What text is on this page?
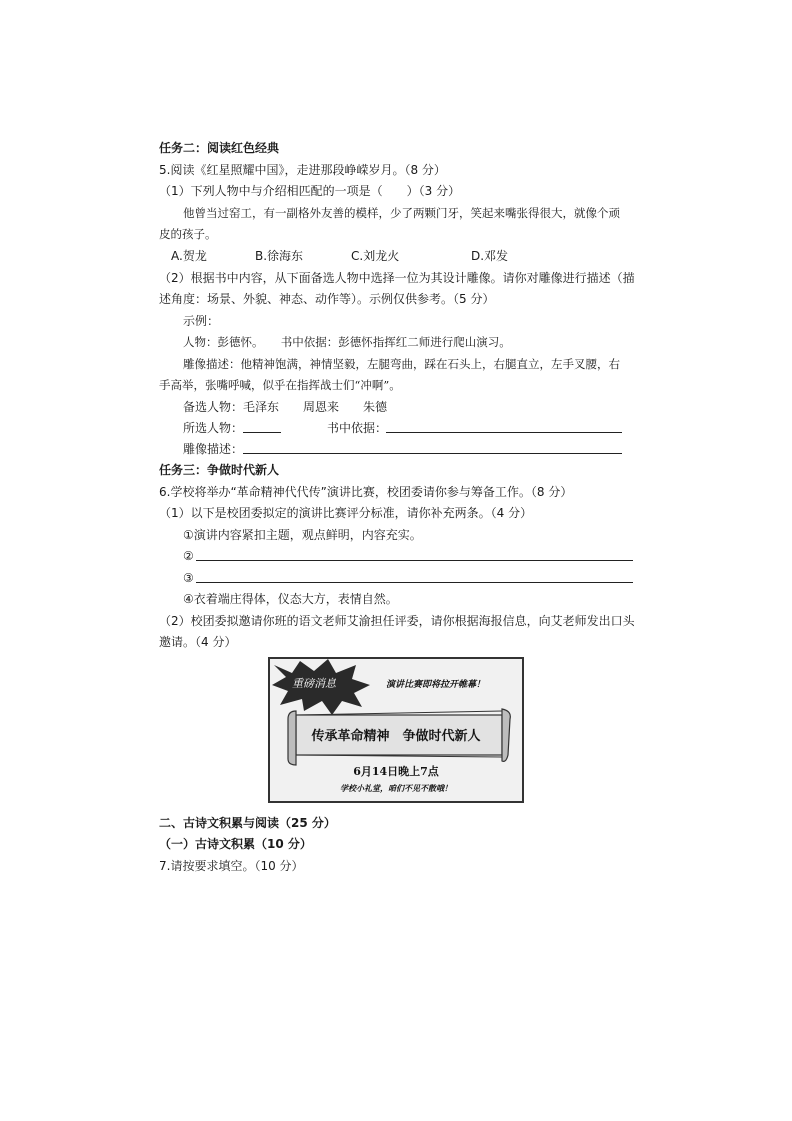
任务二：阅读红色经典
5.阅读《红星照耀中国》，走进那段峥嵘岁月。（8 分）
（1）下列人物中与介绍相匹配的一项是（　　）（3 分）
他曾当过窑工，有一副格外友善的模样，少了两颗门牙，笑起来嘴张得很大，就像个顽
皮的孩子。
A.贺龙	B.徐海东	C.刘龙火	D.邓发
（2）根据书中内容，从下面备选人物中选择一位为其设计雕像。请你对雕像进行描述（描
述角度：场景、外貌、神态、动作等）。示例仅供参考。（5 分）
示例：
人物：彭德怀。　　书中依据：彭德怀指挥红二师进行爬山演习。
雕像描述：他精神饱满，神情坚毅，左腿弯曲，踩在石头上，右腿直立，左手叉腰，右
手高举，张嘴呼喊，似乎在指挥战士们“冲啊”。
备选人物：毛泽东　　周恩来　　朱德
所选人物：	书中依据：
雕像描述：
任务三：争做时代新人
6.学校将举办“革命精神代代传”演讲比赛，校团委请你参与筹备工作。（8 分）
（1）以下是校团委拟定的演讲比赛评分标准，请你补充两条。（4 分）
①演讲内容紧扣主题，观点鲜明，内容充实。
②
③
④衣着端庄得体，仪态大方，表情自然。
（2）校团委拟邀请你班的语文老师艾渝担任评委，请你根据海报信息，向艾老师发出口头
邀请。（4 分）
重磅消息	演讲比赛即将拉开帷幕！
传承革命精神　争做时代新人
6月14日晚上7点
学校小礼堂，咱们不见不散哦！
二、古诗文积累与阅读（25 分）
（一）古诗文积累（10 分）
7.请按要求填空。（10 分）
